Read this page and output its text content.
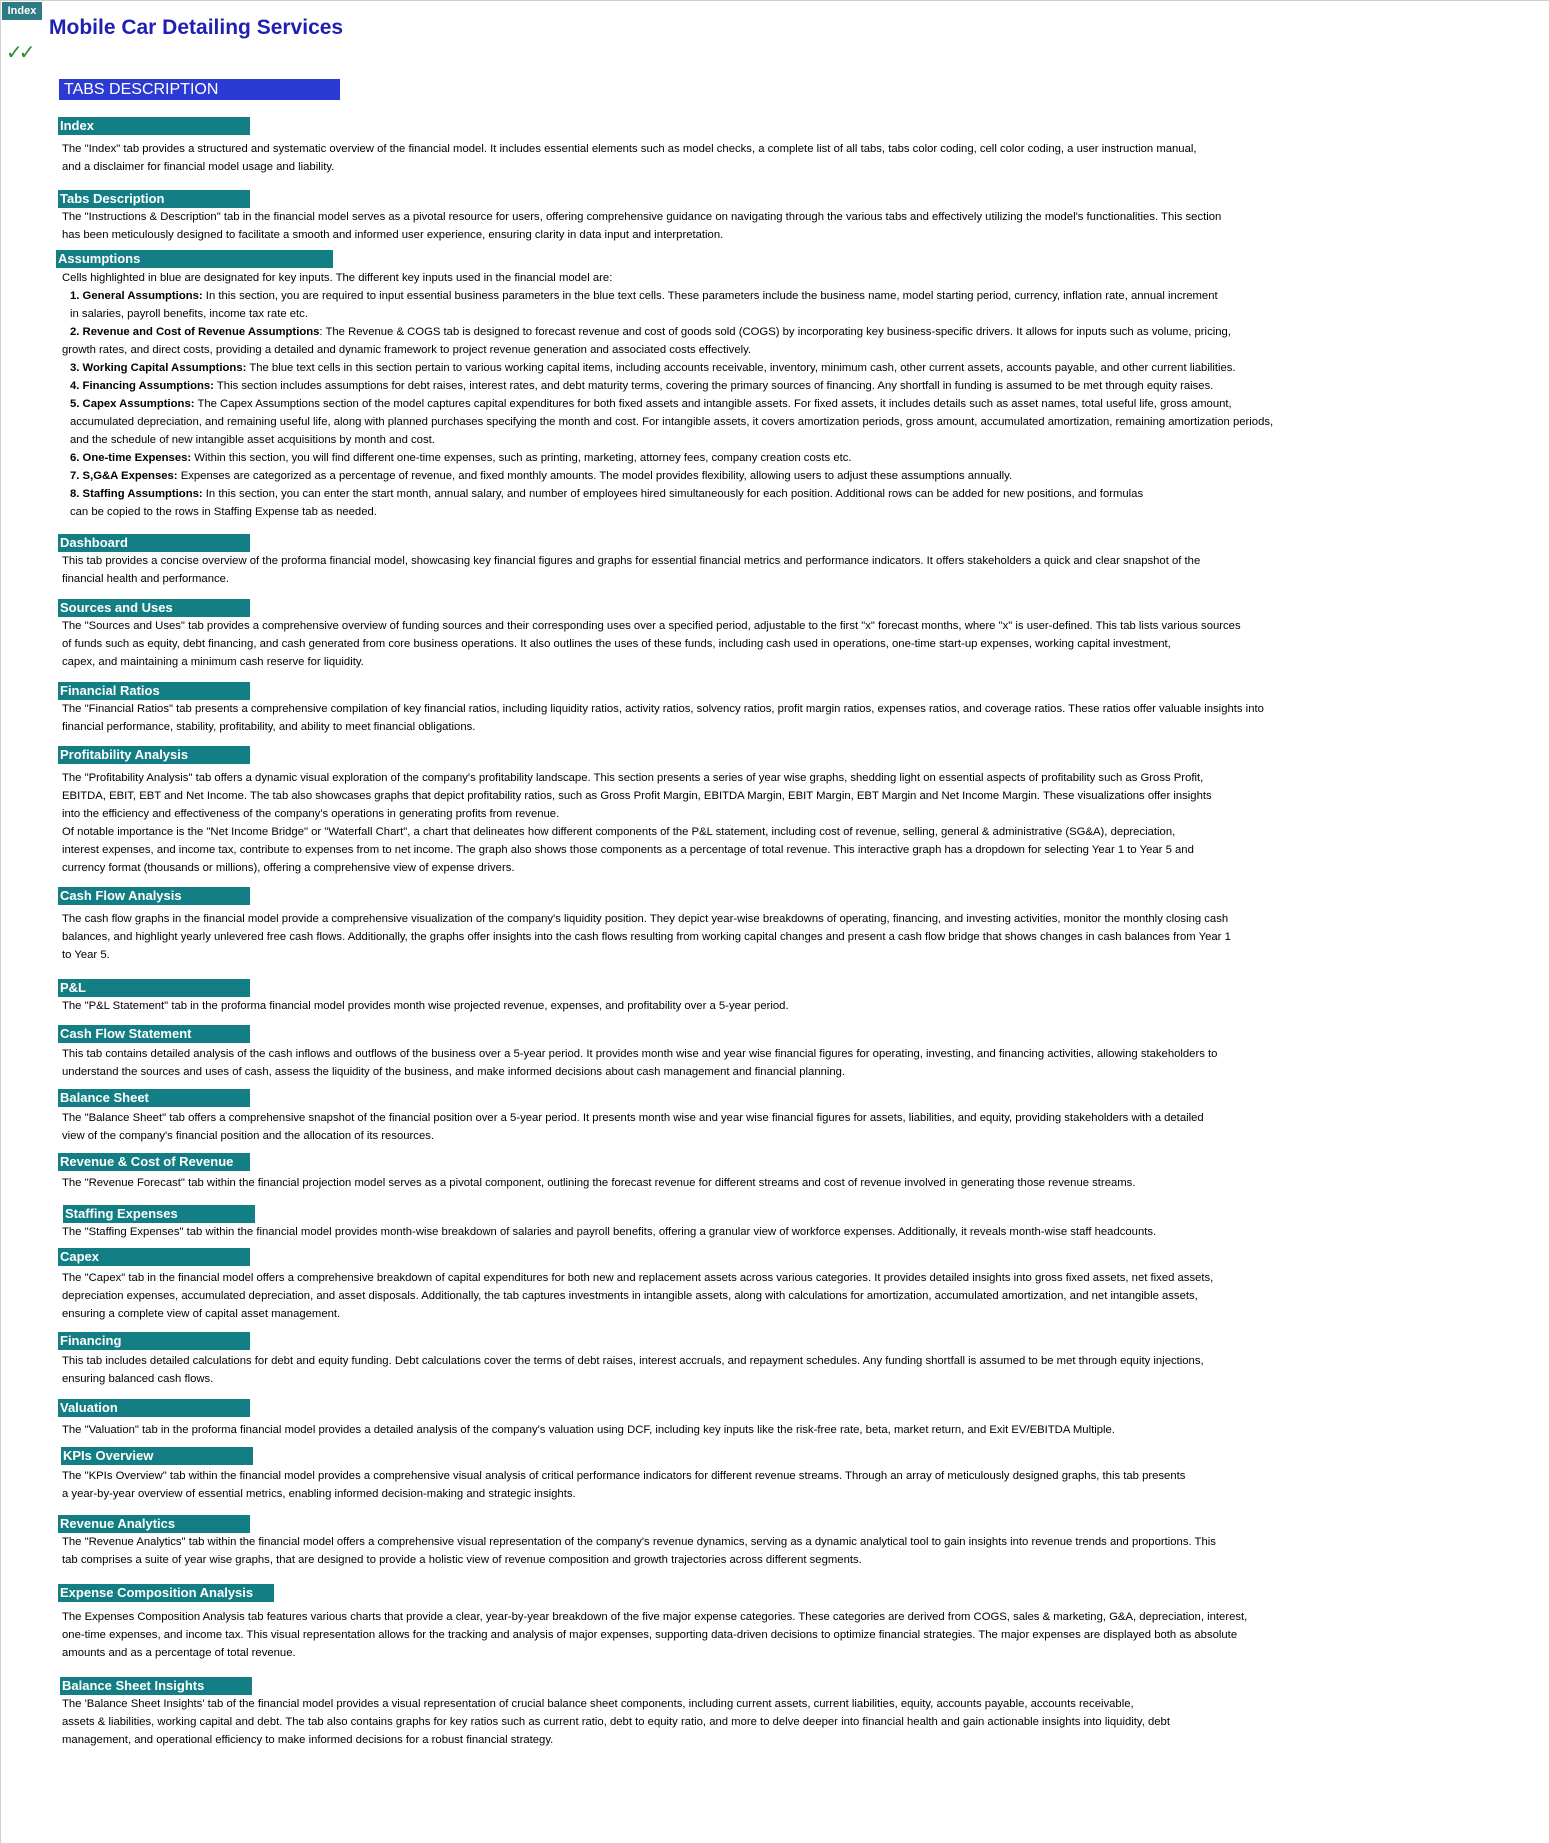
Index
✓✓
Mobile Car Detailing Services
TABS DESCRIPTION
Index

The "Index" tab provides a structured and systematic overview of the financial model. It includes essential elements such as model checks, a complete list of all tabs, tabs color coding, cell color coding, a user instruction manual,

and a disclaimer for financial model usage and liability.

Tabs Description

The "Instructions & Description" tab in the financial model serves as a pivotal resource for users, offering comprehensive guidance on navigating through the various tabs and effectively utilizing the model's functionalities. This section

has been meticulously designed to facilitate a smooth and informed user experience, ensuring clarity in data input and interpretation.

Assumptions

Cells highlighted in blue are designated for key inputs. The different key inputs used in the financial model are:

1. General Assumptions: In this section, you are required to input essential business parameters in the blue text cells. These parameters include the business name, model starting period, currency, inflation rate, annual increment
in salaries, payroll benefits, income tax rate etc.
2. Revenue and Cost of Revenue Assumptions: The Revenue & COGS tab is designed to forecast revenue and cost of goods sold (COGS) by incorporating key business-specific drivers. It allows for inputs such as volume, pricing,
growth rates, and direct costs, providing a detailed and dynamic framework to project revenue generation and associated costs effectively.
3. Working Capital Assumptions: The blue text cells in this section pertain to various working capital items, including accounts receivable, inventory, minimum cash, other current assets, accounts payable, and other current liabilities.
4. Financing Assumptions: This section includes assumptions for debt raises, interest rates, and debt maturity terms, covering the primary sources of financing. Any shortfall in funding is assumed to be met through equity raises.
5. Capex Assumptions: The Capex Assumptions section of the model captures capital expenditures for both fixed assets and intangible assets. For fixed assets, it includes details such as asset names, total useful life, gross amount,
accumulated depreciation, and remaining useful life, along with planned purchases specifying the month and cost. For intangible assets, it covers amortization periods, gross amount, accumulated amortization, remaining amortization periods,
and the schedule of new intangible asset acquisitions by month and cost.
6. One-time Expenses: Within this section, you will find different one-time expenses, such as printing, marketing, attorney fees, company creation costs etc.
7. S,G&A Expenses: Expenses are categorized as a percentage of revenue, and fixed monthly amounts. The model provides flexibility, allowing users to adjust these assumptions annually.
8. Staffing Assumptions: In this section, you can enter the start month, annual salary, and number of employees hired simultaneously for each position. Additional rows can be added for new positions, and formulas
can be copied to the rows in Staffing Expense tab as needed.
Dashboard

This tab provides a concise overview of the proforma financial model, showcasing key financial figures and graphs for essential financial metrics and performance indicators. It offers stakeholders a quick and clear snapshot of the

financial health and performance.

Sources and Uses

The "Sources and Uses" tab provides a comprehensive overview of funding sources and their corresponding uses over a specified period, adjustable to the first "x" forecast months, where "x" is user-defined. This tab lists various sources

of funds such as equity, debt financing, and cash generated from core business operations. It also outlines the uses of these funds, including cash used in operations, one-time start-up expenses, working capital investment,

capex, and maintaining a minimum cash reserve for liquidity.

Financial Ratios

The "Financial Ratios" tab presents a comprehensive compilation of key financial ratios, including liquidity ratios, activity ratios, solvency ratios, profit margin ratios, expenses ratios, and coverage ratios. These ratios offer valuable insights into

financial performance, stability, profitability, and ability to meet financial obligations.

Profitability Analysis

The "Profitability Analysis" tab offers a dynamic visual exploration of the company's profitability landscape. This section presents a series of year wise graphs, shedding light on essential aspects of profitability such as Gross Profit,

EBITDA, EBIT, EBT and Net Income. The tab also showcases graphs that depict profitability ratios, such as Gross Profit Margin, EBITDA Margin, EBIT Margin, EBT Margin and Net Income Margin. These visualizations offer insights

into the efficiency and effectiveness of the company's operations in generating profits from revenue.

Of notable importance is the "Net Income Bridge" or "Waterfall Chart", a chart that delineates how different components of the P&L statement, including cost of revenue, selling, general & administrative (SG&A), depreciation,

interest expenses, and income tax, contribute to expenses from to net income. The graph also shows those components as a percentage of total revenue. This interactive graph has a dropdown for selecting Year 1 to Year 5 and

currency format (thousands or millions), offering a comprehensive view of expense drivers.

Cash Flow Analysis

The cash flow graphs in the financial model provide a comprehensive visualization of the company's liquidity position. They depict year-wise breakdowns of operating, financing, and investing activities, monitor the monthly closing cash

balances, and highlight yearly unlevered free cash flows. Additionally, the graphs offer insights into the cash flows resulting from working capital changes and present a cash flow bridge that shows changes in cash balances from Year 1

to Year 5.

P&L

The "P&L Statement" tab in the proforma financial model provides month wise projected revenue, expenses, and profitability over a 5-year period.

Cash Flow Statement

This tab contains detailed analysis of the cash inflows and outflows of the business over a 5-year period. It provides month wise and year wise financial figures for operating, investing, and financing activities, allowing stakeholders to

understand the sources and uses of cash, assess the liquidity of the business, and make informed decisions about cash management and financial planning.

Balance Sheet

The "Balance Sheet" tab offers a comprehensive snapshot of the financial position over a 5-year period. It presents month wise and year wise financial figures for assets, liabilities, and equity, providing stakeholders with a detailed

view of the company's financial position and the allocation of its resources.

Revenue & Cost of Revenue

The "Revenue Forecast" tab within the financial projection model serves as a pivotal component, outlining the forecast revenue for different streams and cost of revenue involved in generating those revenue streams.

Staffing Expenses

The "Staffing Expenses" tab within the financial model provides month-wise breakdown of salaries and payroll benefits, offering a granular view of workforce expenses. Additionally, it reveals month-wise staff headcounts.

Capex

The "Capex" tab in the financial model offers a comprehensive breakdown of capital expenditures for both new and replacement assets across various categories. It provides detailed insights into gross fixed assets, net fixed assets,

depreciation expenses, accumulated depreciation, and asset disposals. Additionally, the tab captures investments in intangible assets, along with calculations for amortization, accumulated amortization, and net intangible assets,

ensuring a complete view of capital asset management.

Financing

This tab includes detailed calculations for debt and equity funding. Debt calculations cover the terms of debt raises, interest accruals, and repayment schedules. Any funding shortfall is assumed to be met through equity injections,

ensuring balanced cash flows.

Valuation

The "Valuation" tab in the proforma financial model provides a detailed analysis of the company's valuation using DCF, including key inputs like the risk-free rate, beta, market return, and Exit EV/EBITDA Multiple.

KPIs Overview

The "KPIs Overview" tab within the financial model provides a comprehensive visual analysis of critical performance indicators for different revenue streams. Through an array of meticulously designed graphs, this tab presents

a year-by-year overview of essential metrics, enabling informed decision-making and strategic insights.

Revenue Analytics

The "Revenue Analytics" tab within the financial model offers a comprehensive visual representation of the company's revenue dynamics, serving as a dynamic analytical tool to gain insights into revenue trends and proportions. This

tab comprises a suite of year wise graphs, that are designed to provide a holistic view of revenue composition and growth trajectories across different segments.

Expense Composition Analysis

The Expenses Composition Analysis tab features various charts that provide a clear, year-by-year breakdown of the five major expense categories. These categories are derived from COGS, sales & marketing, G&A, depreciation, interest,

one-time expenses, and income tax. This visual representation allows for the tracking and analysis of major expenses, supporting data-driven decisions to optimize financial strategies. The major expenses are displayed both as absolute

amounts and as a percentage of total revenue.

Balance Sheet Insights

The 'Balance Sheet Insights' tab of the financial model provides a visual representation of crucial balance sheet components, including current assets, current liabilities, equity, accounts payable, accounts receivable,

assets & liabilities, working capital and debt. The tab also contains graphs for key ratios such as current ratio, debt to equity ratio, and more to delve deeper into financial health and gain actionable insights into liquidity, debt

management, and operational efficiency to make informed decisions for a robust financial strategy.
